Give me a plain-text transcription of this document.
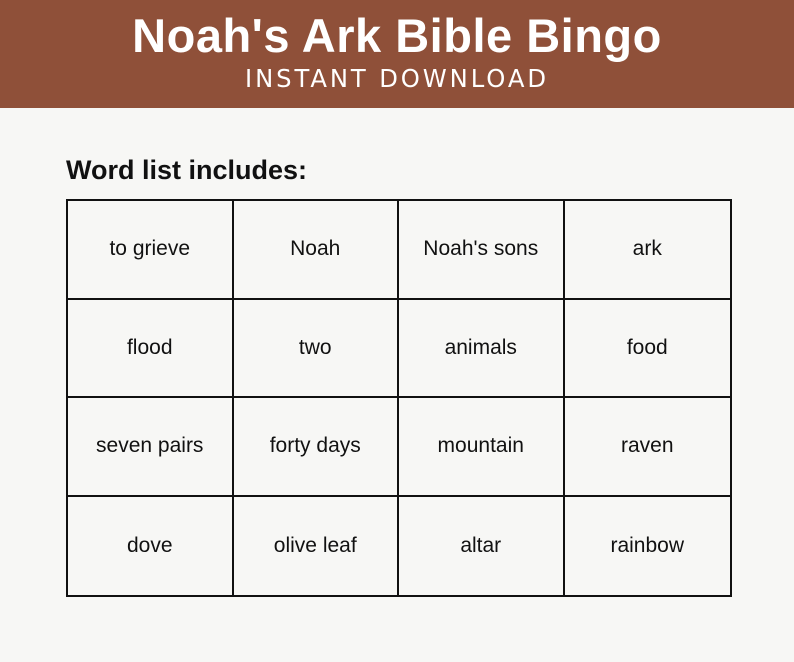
Noah's Ark Bible Bingo
INSTANT DOWNLOAD
Word list includes:
to grieve	Noah	Noah's sons	ark
flood	two	animals	food
seven pairs	forty days	mountain	raven
dove	olive leaf	altar	rainbow
